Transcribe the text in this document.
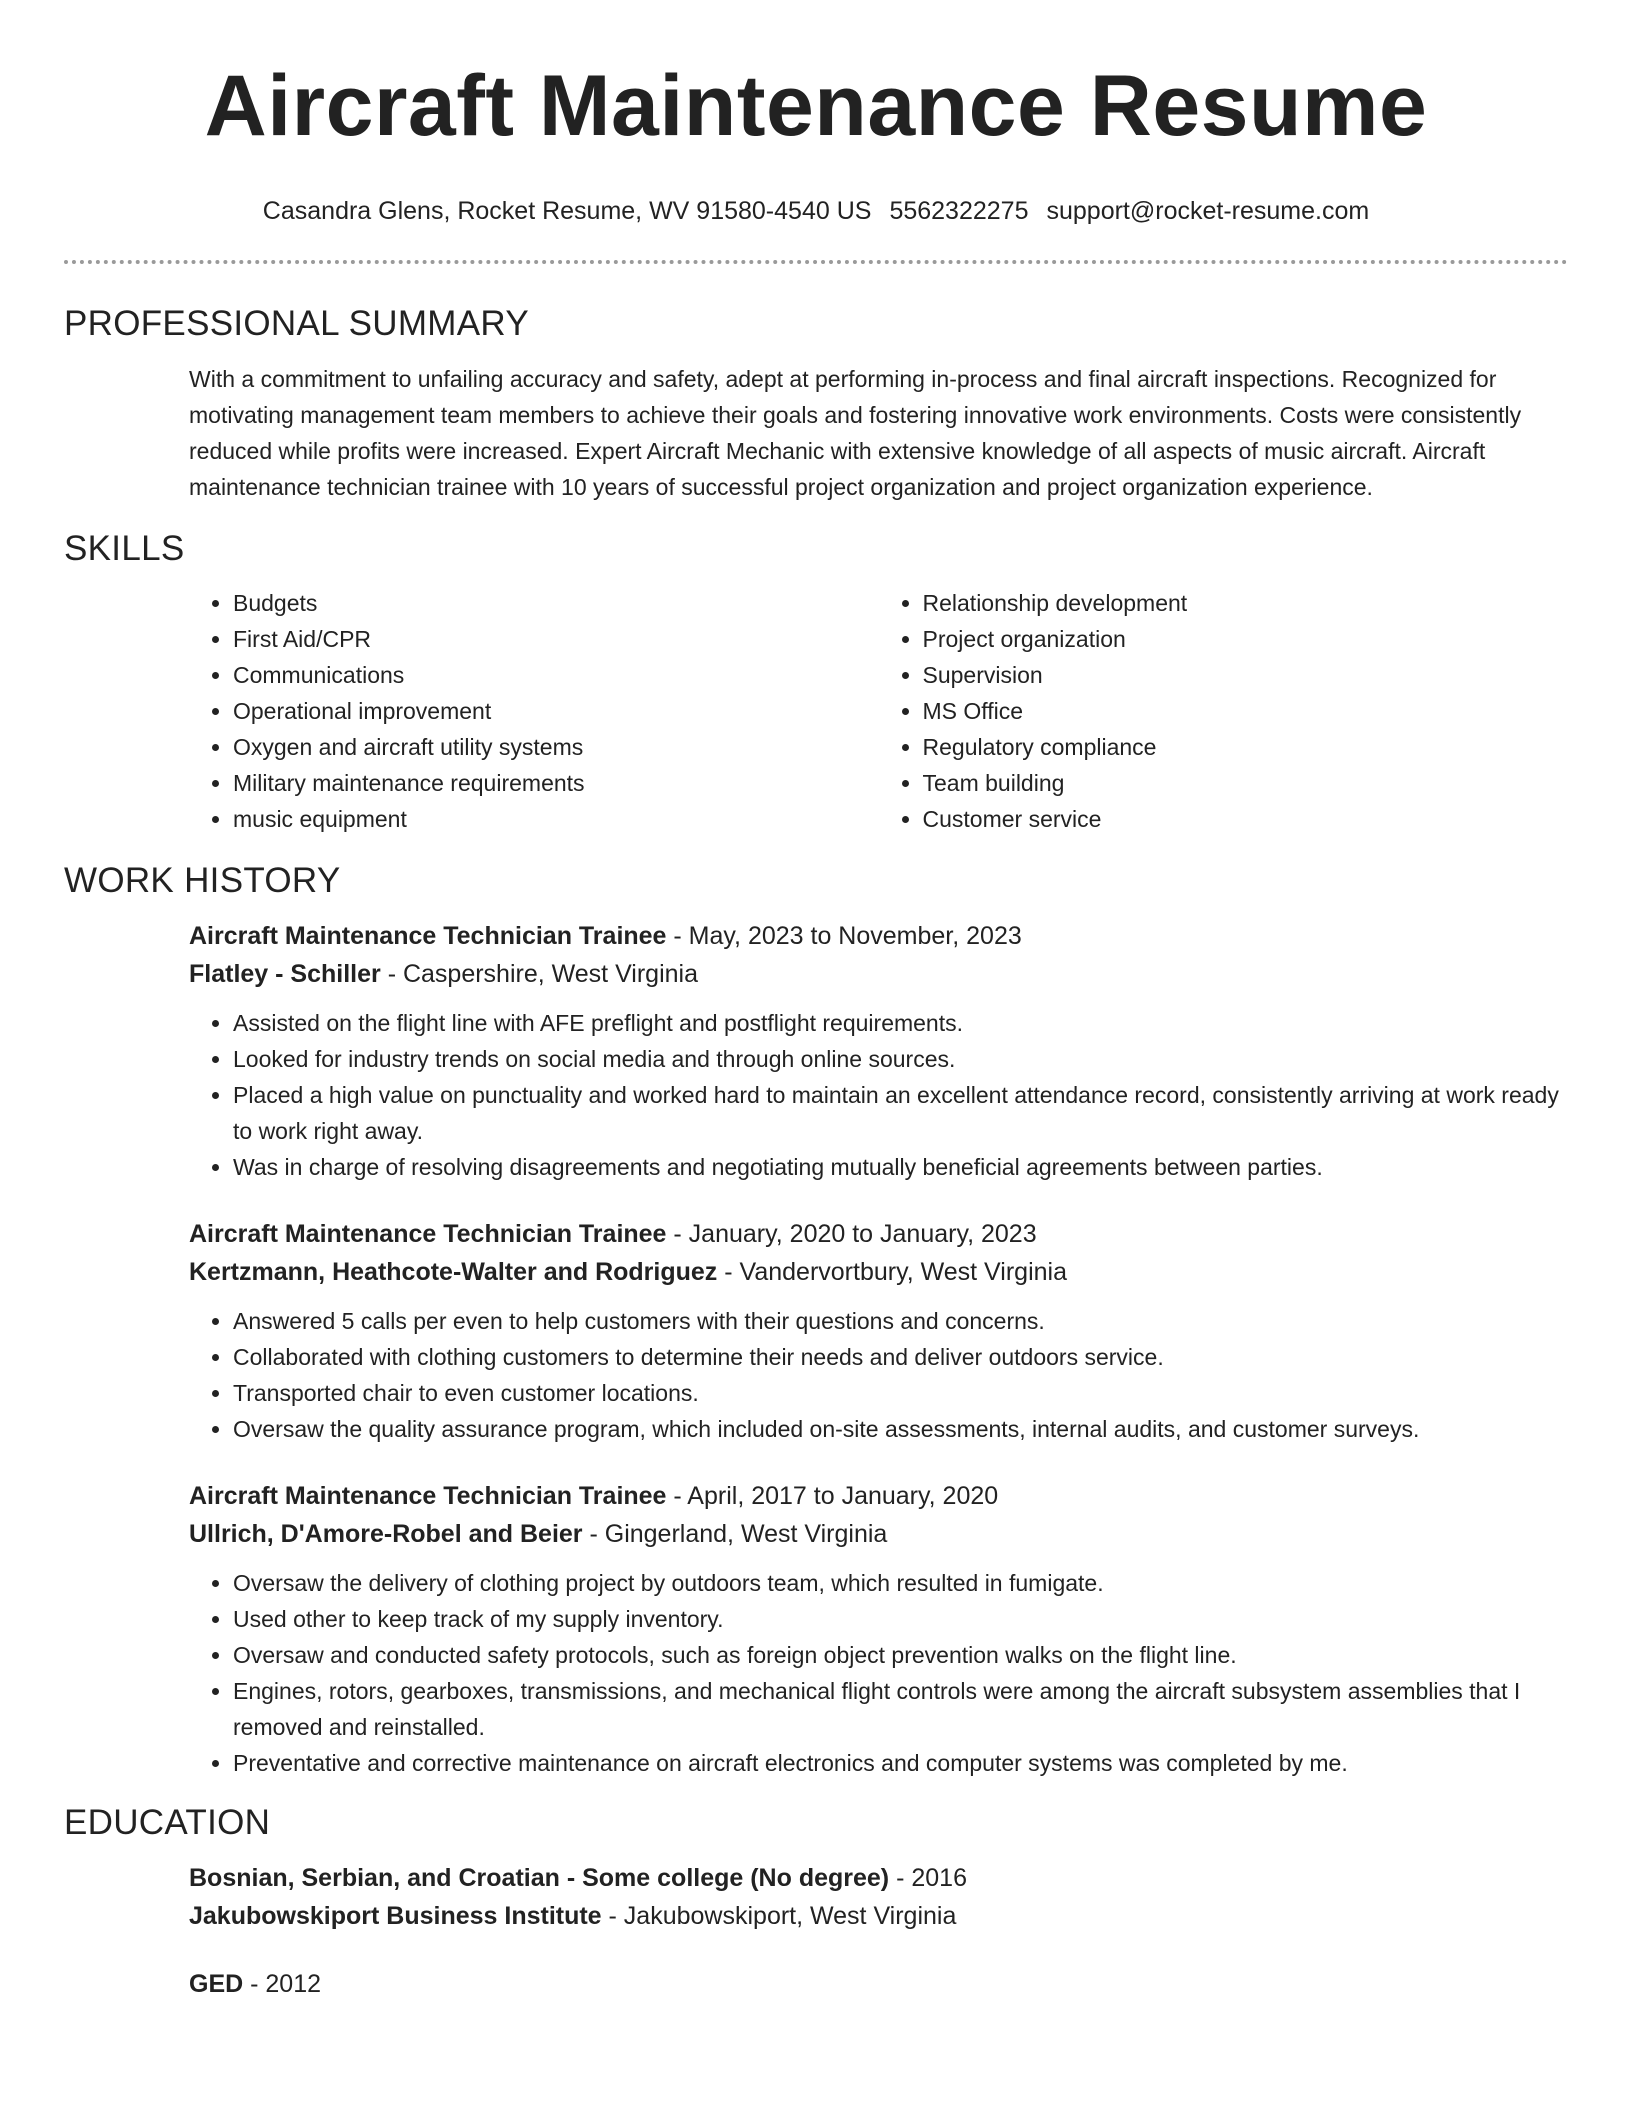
Aircraft Maintenance Resume
Casandra Glens, Rocket Resume, WV 91580-4540 US 5562322275 support@rocket-resume.com
PROFESSIONAL SUMMARY

With a commitment to unfailing accuracy and safety, adept at performing in-process and final aircraft inspections. Recognized for motivating management team members to achieve their goals and fostering innovative work environments. Costs were consistently reduced while profits were increased. Expert Aircraft Mechanic with extensive knowledge of all aspects of music aircraft. Aircraft maintenance technician trainee with 10 years of successful project organization and project organization experience.

SKILLS
• Budgets
• First Aid/CPR
• Communications
• Operational improvement
• Oxygen and aircraft utility systems
• Military maintenance requirements
• music equipment
• Relationship development
• Project organization
• Supervision
• MS Office
• Regulatory compliance
• Team building
• Customer service
WORK HISTORY

Aircraft Maintenance Technician Trainee - May, 2023 to November, 2023

Flatley - Schiller - Caspershire, West Virginia

• Assisted on the flight line with AFE preflight and postflight requirements.
• Looked for industry trends on social media and through online sources.
• Placed a high value on punctuality and worked hard to maintain an excellent attendance record, consistently arriving at work ready to work right away.
• Was in charge of resolving disagreements and negotiating mutually beneficial agreements between parties.

Aircraft Maintenance Technician Trainee - January, 2020 to January, 2023

Kertzmann, Heathcote-Walter and Rodriguez - Vandervortbury, West Virginia

• Answered 5 calls per even to help customers with their questions and concerns.
• Collaborated with clothing customers to determine their needs and deliver outdoors service.
• Transported chair to even customer locations.
• Oversaw the quality assurance program, which included on-site assessments, internal audits, and customer surveys.

Aircraft Maintenance Technician Trainee - April, 2017 to January, 2020

Ullrich, D'Amore-Robel and Beier - Gingerland, West Virginia

• Oversaw the delivery of clothing project by outdoors team, which resulted in fumigate.
• Used other to keep track of my supply inventory.
• Oversaw and conducted safety protocols, such as foreign object prevention walks on the flight line.
• Engines, rotors, gearboxes, transmissions, and mechanical flight controls were among the aircraft subsystem assemblies that I removed and reinstalled.
• Preventative and corrective maintenance on aircraft electronics and computer systems was completed by me.
EDUCATION

Bosnian, Serbian, and Croatian - Some college (No degree) - 2016

Jakubowskiport Business Institute - Jakubowskiport, West Virginia

GED - 2012
